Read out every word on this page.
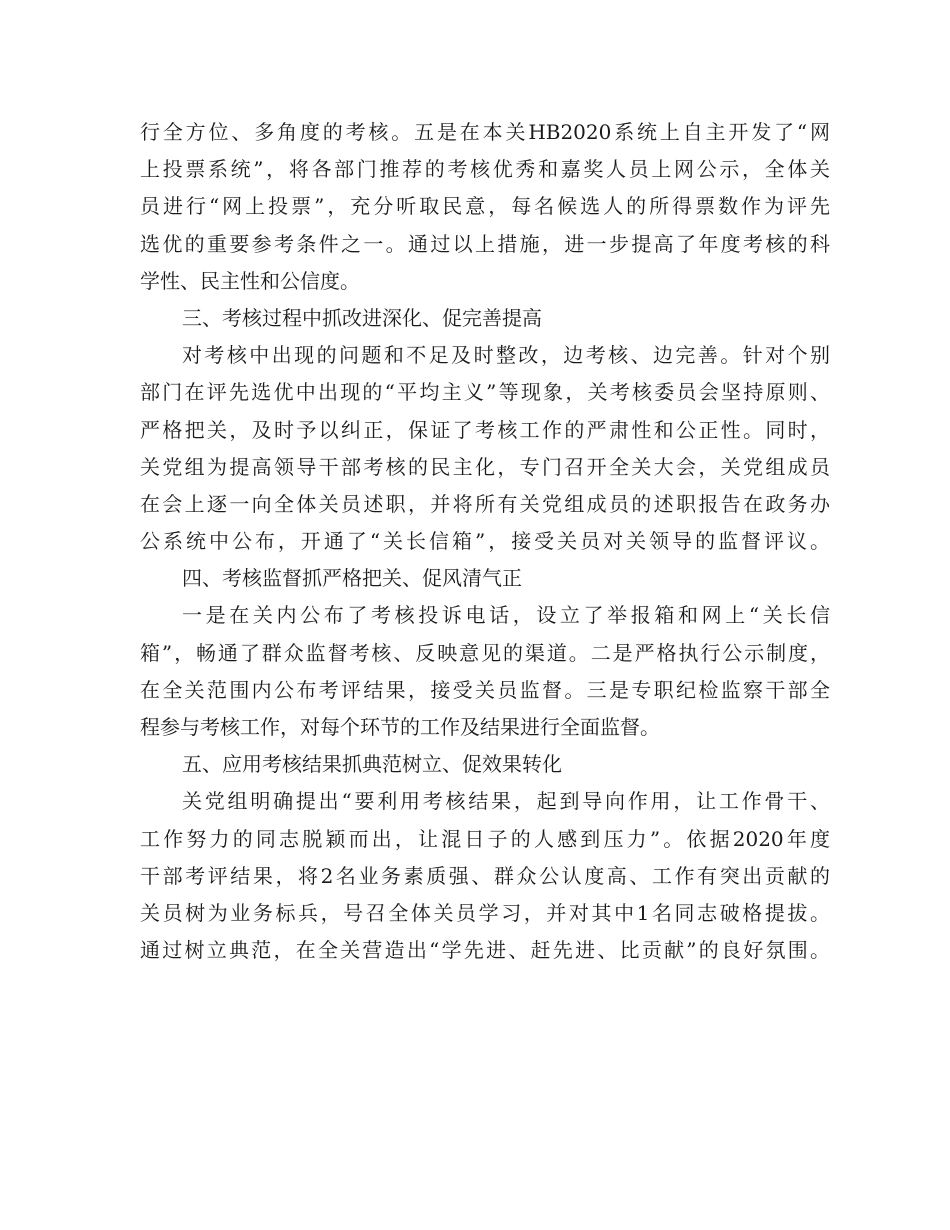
行全方位、多角度的考核。五是在本关HB2020系统上自主开发了“网
上投票系统”，将各部门推荐的考核优秀和嘉奖人员上网公示，全体关
员进行“网上投票”，充分听取民意，每名候选人的所得票数作为评先
选优的重要参考条件之一。通过以上措施，进一步提高了年度考核的科
学性、民主性和公信度。
三、考核过程中抓改进深化、促完善提高
对考核中出现的问题和不足及时整改，边考核、边完善。针对个别
部门在评先选优中出现的“平均主义”等现象，关考核委员会坚持原则、
严格把关，及时予以纠正，保证了考核工作的严肃性和公正性。同时，
关党组为提高领导干部考核的民主化，专门召开全关大会，关党组成员
在会上逐一向全体关员述职，并将所有关党组成员的述职报告在政务办
公系统中公布，开通了“关长信箱”，接受关员对关领导的监督评议。
四、考核监督抓严格把关、促风清气正
一是在关内公布了考核投诉电话，设立了举报箱和网上“关长信
箱”，畅通了群众监督考核、反映意见的渠道。二是严格执行公示制度，
在全关范围内公布考评结果，接受关员监督。三是专职纪检监察干部全
程参与考核工作，对每个环节的工作及结果进行全面监督。
五、应用考核结果抓典范树立、促效果转化
关党组明确提出“要利用考核结果，起到导向作用，让工作骨干、
工作努力的同志脱颖而出，让混日子的人感到压力”。依据2020年度
干部考评结果，将2名业务素质强、群众公认度高、工作有突出贡献的
关员树为业务标兵，号召全体关员学习，并对其中1名同志破格提拔。
通过树立典范，在全关营造出“学先进、赶先进、比贡献”的良好氛围。
